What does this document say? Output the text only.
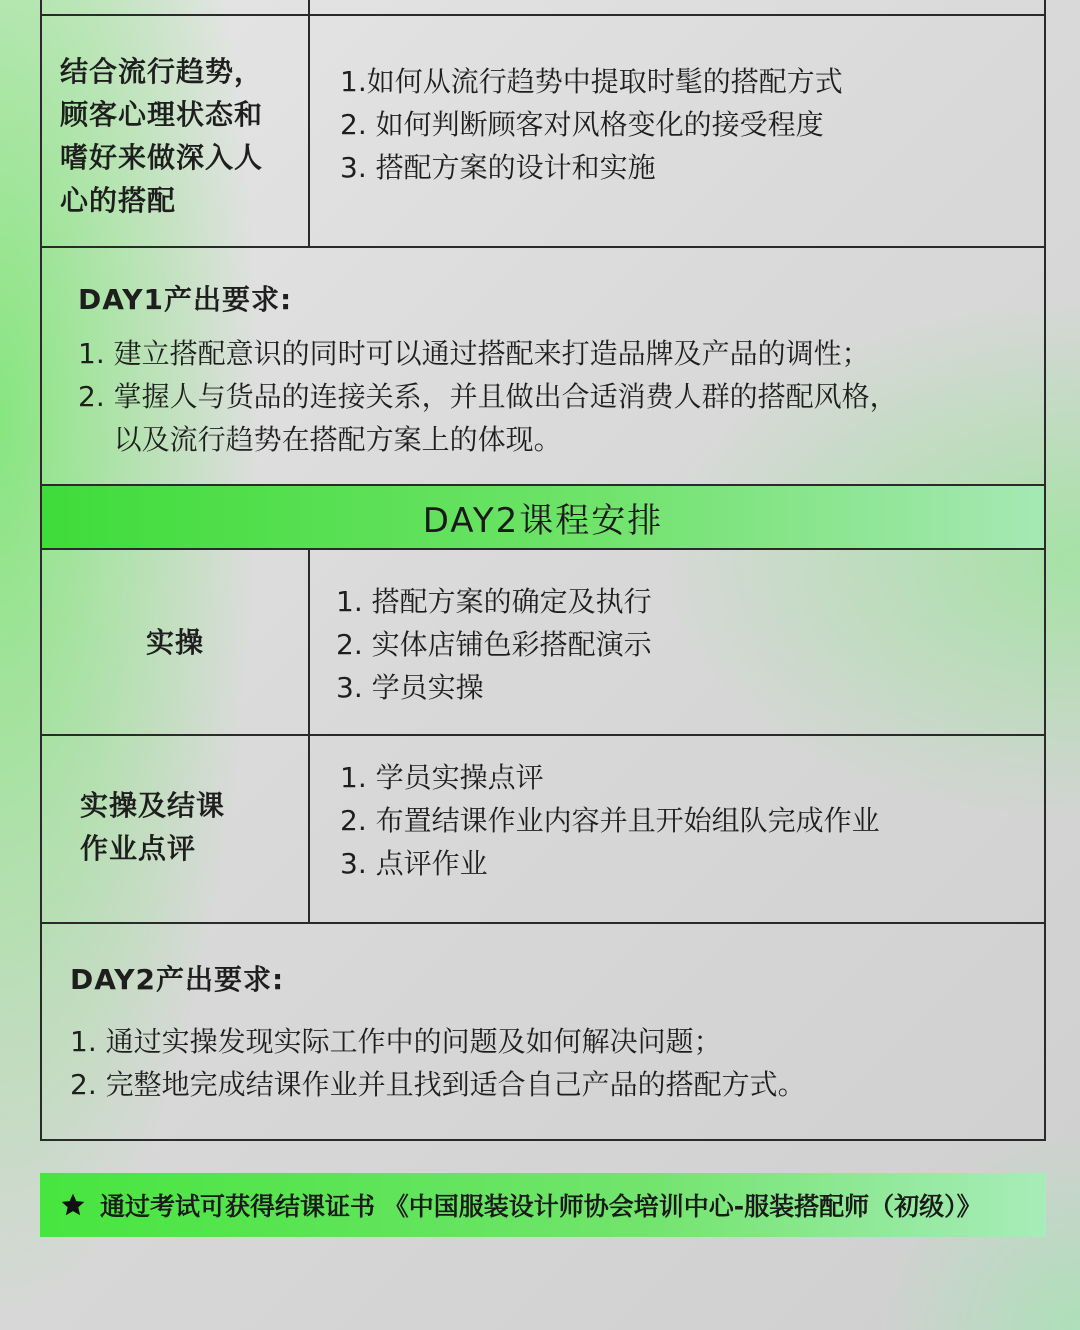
结合流行趋势，
顾客心理状态和
嗜好来做深入人
心的搭配
1.如何从流行趋势中提取时髦的搭配方式
2. 如何判断顾客对风格变化的接受程度
3. 搭配方案的设计和实施
DAY1产出要求:
1. 建立搭配意识的同时可以通过搭配来打造品牌及产品的调性；
2. 掌握人与货品的连接关系，并且做出合适消费人群的搭配风格，
以及流行趋势在搭配方案上的体现。
DAY2课程安排
实操
1. 搭配方案的确定及执行
2. 实体店铺色彩搭配演示
3. 学员实操
实操及结课
作业点评
1. 学员实操点评
2. 布置结课作业内容并且开始组队完成作业
3. 点评作业
DAY2产出要求:
1. 通过实操发现实际工作中的问题及如何解决问题；
2. 完整地完成结课作业并且找到适合自己产品的搭配方式。
通过考试可获得结课证书 《中国服装设计师协会培训中心-服装搭配师（初级）》
